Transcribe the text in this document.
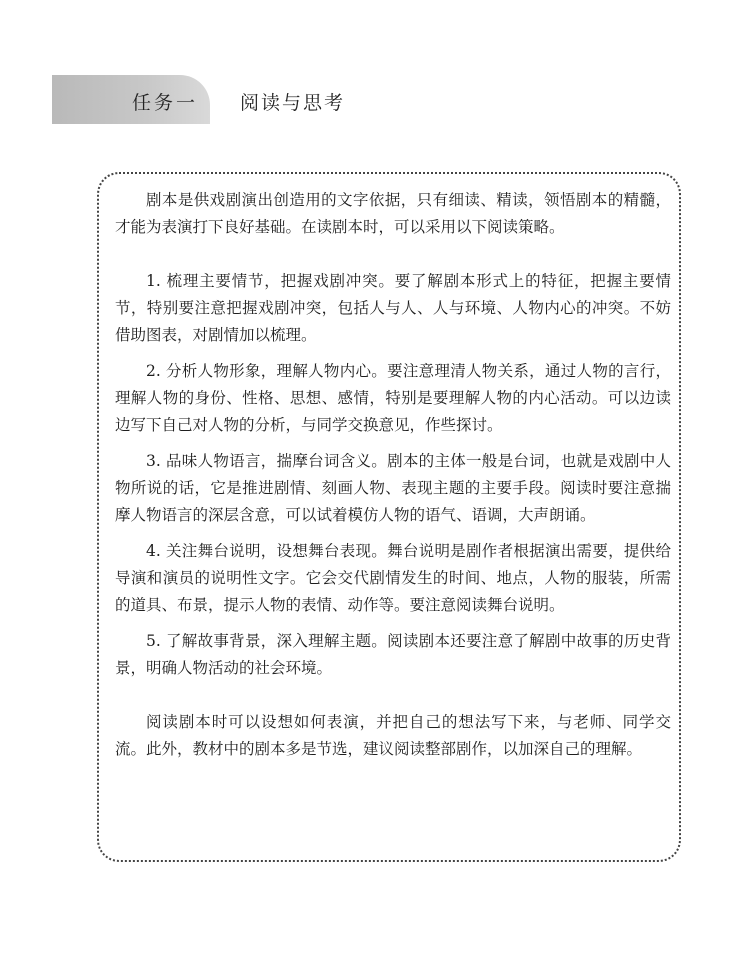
任务一 阅读与思考

剧本是供戏剧演出创造用的文字依据，只有细读、精读，领悟剧本的精髓，才能为表演打下良好基础。在读剧本时，可以采用以下阅读策略。

1. 梳理主要情节，把握戏剧冲突。要了解剧本形式上的特征，把握主要情节，特别要注意把握戏剧冲突，包括人与人、人与环境、人物内心的冲突。不妨借助图表，对剧情加以梳理。

2. 分析人物形象，理解人物内心。要注意理清人物关系，通过人物的言行，理解人物的身份、性格、思想、感情，特别是要理解人物的内心活动。可以边读边写下自己对人物的分析，与同学交换意见，作些探讨。

3. 品味人物语言，揣摩台词含义。剧本的主体一般是台词，也就是戏剧中人物所说的话，它是推进剧情、刻画人物、表现主题的主要手段。阅读时要注意揣摩人物语言的深层含意，可以试着模仿人物的语气、语调，大声朗诵。

4. 关注舞台说明，设想舞台表现。舞台说明是剧作者根据演出需要，提供给导演和演员的说明性文字。它会交代剧情发生的时间、地点，人物的服装，所需的道具、布景，提示人物的表情、动作等。要注意阅读舞台说明。

5. 了解故事背景，深入理解主题。阅读剧本还要注意了解剧中故事的历史背景，明确人物活动的社会环境。

阅读剧本时可以设想如何表演，并把自己的想法写下来，与老师、同学交流。此外，教材中的剧本多是节选，建议阅读整部剧作，以加深自己的理解。
